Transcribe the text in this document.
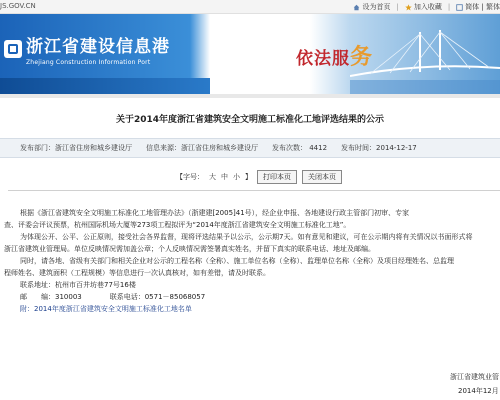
JS.GOV.CN	设为首页 | 加入收藏 | 简体 | 繁体
浙江省建设信息港
Zhejiang Construction Information Port	依法服务
关于2014年度浙江省建筑安全文明施工标准化工地评选结果的公示
发布部门：浙江省住房和城乡建设厅 信息来源：浙江省住房和城乡建设厅 发布次数： 4412 发布时间：2014-12-17
【字号： 大 中 小 】	打印本页	关闭本页
根据《浙江省建筑安全文明施工标准化工地管理办法》（浙建建[2005]41号），经企业申报、各地建设行政主管部门初审、专家
查、评委会评议预票，杭州国际机场大厦等273项工程拟评为“2014年度浙江省建筑安全文明施工标准化工地”。
为体现公开、公平、公正原则，接受社会各界监督，现将评选结果予以公示，公示期7天。如有意见和建议，可在公示期内将有关情况以书面形式将
浙江省建筑业管理局。单位反映情况需加盖公章；个人反映情况需签署真实姓名，并留下真实的联系电话、地址及邮编。
同时，请各地、省级有关部门和相关企业对公示的工程名称（全称）、施工单位名称（全称）、监理单位名称（全称）及项目经理姓名、总监理
程师姓名、建筑面积（工程规模）等信息进行一次认真核对，如有差错，请及时联系。
联系地址：杭州市百井坊巷77号16楼
邮　　编：310003　　　　联系电话：0571－85068057
附：2014年度浙江省建筑安全文明施工标准化工地名单
浙江省建筑业管
2014年12月
